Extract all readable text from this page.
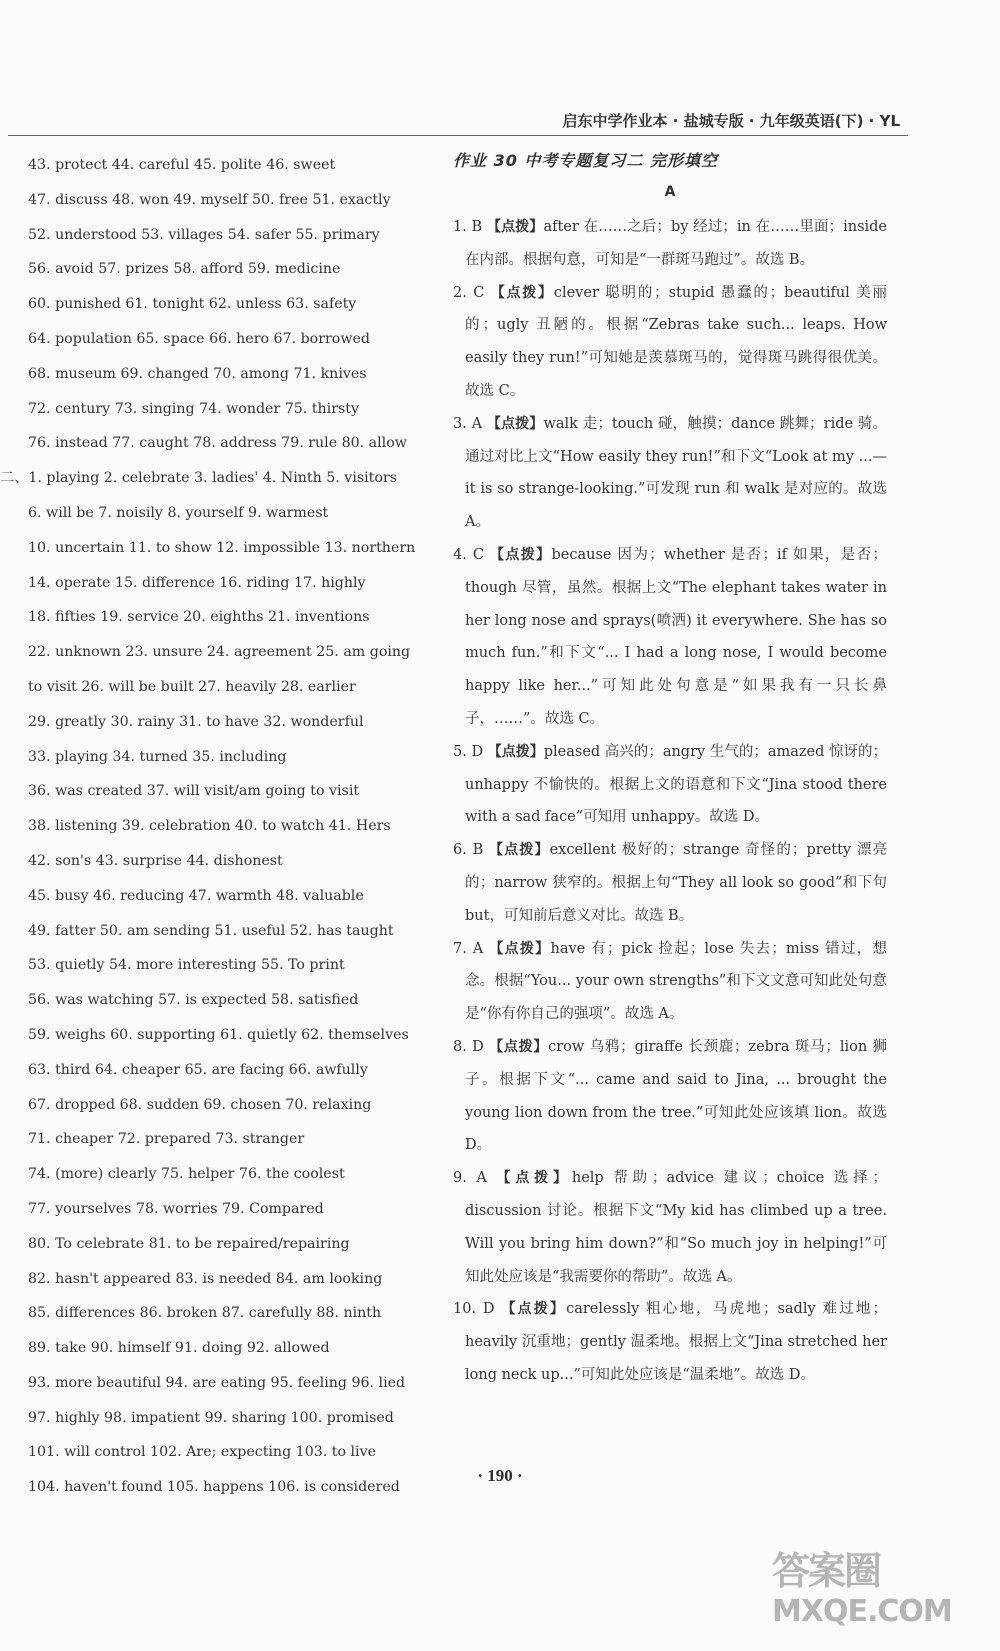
启东中学作业本 · 盐城专版 · 九年级英语(下) · YL
43. protect 44. careful 45. polite 46. sweet
47. discuss 48. won 49. myself 50. free 51. exactly
52. understood 53. villages 54. safer 55. primary
56. avoid 57. prizes 58. afford 59. medicine
60. punished 61. tonight 62. unless 63. safety
64. population 65. space 66. hero 67. borrowed
68. museum 69. changed 70. among 71. knives
72. century 73. singing 74. wonder 75. thirsty
76. instead 77. caught 78. address 79. rule 80. allow
二、1. playing 2. celebrate 3. ladies' 4. Ninth 5. visitors
6. will be 7. noisily 8. yourself 9. warmest
10. uncertain 11. to show 12. impossible 13. northern
14. operate 15. difference 16. riding 17. highly
18. fifties 19. service 20. eighths 21. inventions
22. unknown 23. unsure 24. agreement 25. am going
to visit 26. will be built 27. heavily 28. earlier
29. greatly 30. rainy 31. to have 32. wonderful
33. playing 34. turned 35. including
36. was created 37. will visit/am going to visit
38. listening 39. celebration 40. to watch 41. Hers
42. son's 43. surprise 44. dishonest
45. busy 46. reducing 47. warmth 48. valuable
49. fatter 50. am sending 51. useful 52. has taught
53. quietly 54. more interesting 55. To print
56. was watching 57. is expected 58. satisfied
59. weighs 60. supporting 61. quietly 62. themselves
63. third 64. cheaper 65. are facing 66. awfully
67. dropped 68. sudden 69. chosen 70. relaxing
71. cheaper 72. prepared 73. stranger
74. (more) clearly 75. helper 76. the coolest
77. yourselves 78. worries 79. Compared
80. To celebrate 81. to be repaired/repairing
82. hasn't appeared 83. is needed 84. am looking
85. differences 86. broken 87. carefully 88. ninth
89. take 90. himself 91. doing 92. allowed
93. more beautiful 94. are eating 95. feeling 96. lied
97. highly 98. impatient 99. sharing 100. promised
101. will control 102. Are; expecting 103. to live
104. haven't found 105. happens 106. is considered
作业 30 中考专题复习二 完形填空
A
1. B 【点拨】after 在……之后；by 经过；in 在……里面；inside 在内部。根据句意，可知是“一群斑马跑过”。故选 B。
2. C 【点拨】clever 聪明的；stupid 愚蠢的；beautiful 美丽的；ugly 丑陋的。根据“Zebras take such... leaps. How easily they run!”可知她是羡慕斑马的，觉得斑马跳得很优美。故选 C。
3. A 【点拨】walk 走；touch 碰，触摸；dance 跳舞；ride 骑。通过对比上文“How easily they run!”和下文“Look at my ...—it is so strange-looking.”可发现 run 和 walk 是对应的。故选 A。
4. C 【点拨】because 因为；whether 是否；if 如果，是否；though 尽管，虽然。根据上文“The elephant takes water in her long nose and sprays(喷洒) it everywhere. She has so much fun.”和下文“... I had a long nose, I would become happy like her...”可知此处句意是“如果我有一只长鼻子，……”。故选 C。
5. D 【点拨】pleased 高兴的；angry 生气的；amazed 惊讶的；unhappy 不愉快的。根据上文的语意和下文“Jina stood there with a sad face”可知用 unhappy。故选 D。
6. B 【点拨】excellent 极好的；strange 奇怪的；pretty 漂亮的；narrow 狭窄的。根据上句“They all look so good”和下句 but，可知前后意义对比。故选 B。
7. A 【点拨】have 有；pick 捡起；lose 失去；miss 错过，想念。根据“You... your own strengths”和下文文意可知此处句意是“你有你自己的强项”。故选 A。
8. D 【点拨】crow 乌鸦；giraffe 长颈鹿；zebra 斑马；lion 狮子。根据下文“... came and said to Jina, ... brought the young lion down from the tree.”可知此处应该填 lion。故选 D。
9. A 【点拨】help 帮助；advice 建议；choice 选择；discussion 讨论。根据下文“My kid has climbed up a tree. Will you bring him down?”和“So much joy in helping!”可知此处应该是“我需要你的帮助”。故选 A。
10. D 【点拨】carelessly 粗心地，马虎地；sadly 难过地；heavily 沉重地；gently 温柔地。根据上文“Jina stretched her long neck up...”可知此处应该是“温柔地”。故选 D。
· 190 ·
答案圈
MXQE.COM
